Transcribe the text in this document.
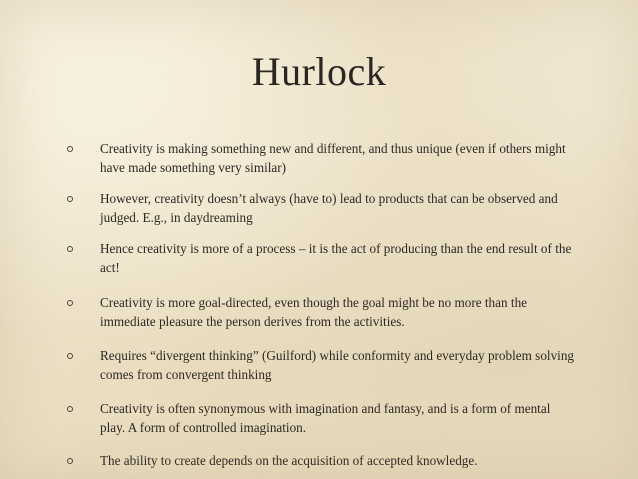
Hurlock
Creativity is making something new and different, and thus unique (even if others might have made something very similar)
However, creativity doesn’t always (have to) lead to products that can be observed and judged. E.g., in daydreaming
Hence creativity is more of a process – it is the act of producing than the end result of the act!
Creativity is more goal-directed, even though the goal might be no more than the immediate pleasure the person derives from the activities.
Requires “divergent thinking” (Guilford) while conformity and everyday problem solving comes from convergent thinking
Creativity is often synonymous with imagination and fantasy, and is a form of mental play. A form of controlled imagination.
The ability to create depends on the acquisition of accepted knowledge.
